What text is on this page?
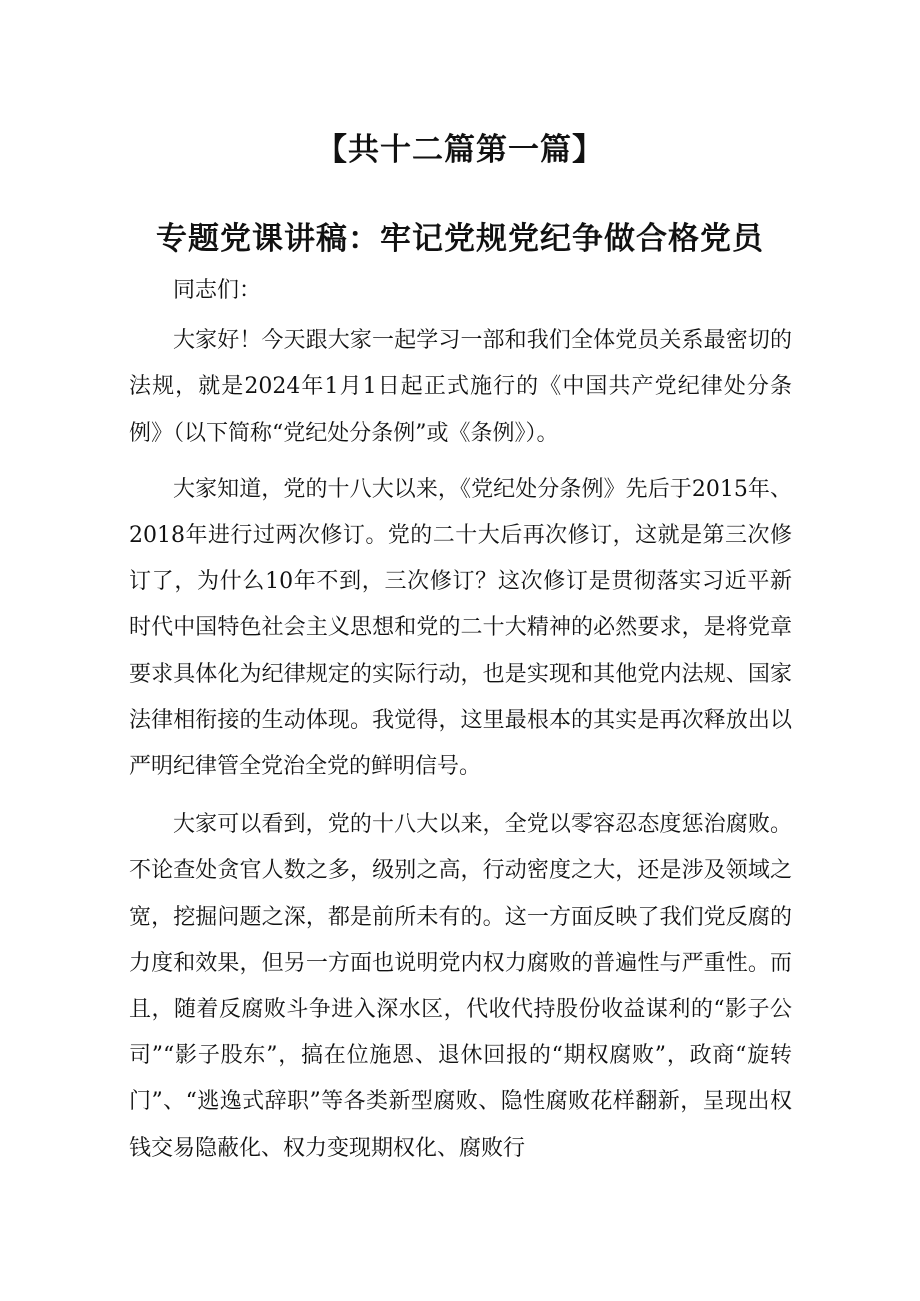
【共十二篇第一篇】
专题党课讲稿：牢记党规党纪争做合格党员

同志们：

大家好！今天跟大家一起学习一部和我们全体党员关系最密切的法规，就是2024年1月1日起正式施行的《中国共产党纪律处分条例》（以下简称“党纪处分条例”或《条例》）。

大家知道，党的十八大以来，《党纪处分条例》先后于2015年、2018年进行过两次修订。党的二十大后再次修订，这就是第三次修订了，为什么10年不到，三次修订？这次修订是贯彻落实习近平新时代中国特色社会主义思想和党的二十大精神的必然要求，是将党章要求具体化为纪律规定的实际行动，也是实现和其他党内法规、国家法律相衔接的生动体现。我觉得，这里最根本的其实是再次释放出以严明纪律管全党治全党的鲜明信号。

大家可以看到，党的十八大以来，全党以零容忍态度惩治腐败。不论查处贪官人数之多，级别之高，行动密度之大，还是涉及领域之宽，挖掘问题之深，都是前所未有的。这一方面反映了我们党反腐的力度和效果，但另一方面也说明党内权力腐败的普遍性与严重性。而且，随着反腐败斗争进入深水区，代收代持股份收益谋利的“影子公司”“影子股东”，搞在位施恩、退休回报的“期权腐败”，政商“旋转门”、“逃逸式辞职”等各类新型腐败、隐性腐败花样翻新，呈现出权钱交易隐蔽化、权力变现期权化、腐败行
